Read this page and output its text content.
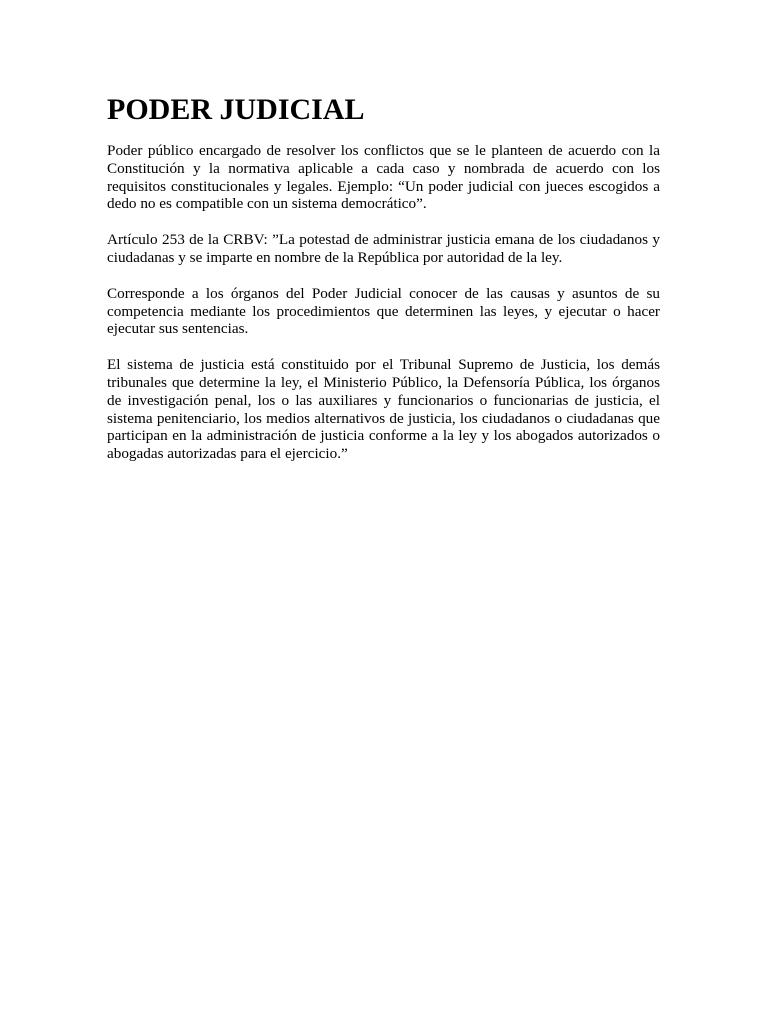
PODER JUDICIAL

Poder público encargado de resolver los conflictos que se le planteen de acuerdo con la Constitución y la normativa aplicable a cada caso y nombrada de acuerdo con los requisitos constitucionales y legales. Ejemplo: “Un poder judicial con jueces escogidos a dedo no es compatible con un sistema democrático”.

Artículo 253 de la CRBV: ”La potestad de administrar justicia emana de los ciudadanos y ciudadanas y se imparte en nombre de la República por autoridad de la ley.

Corresponde a los órganos del Poder Judicial conocer de las causas y asuntos de su competencia mediante los procedimientos que determinen las leyes, y ejecutar o hacer ejecutar sus sentencias.

El sistema de justicia está constituido por el Tribunal Supremo de Justicia, los demás tribunales que determine la ley, el Ministerio Público, la Defensoría Pública, los órganos de investigación penal, los o las auxiliares y funcionarios o funcionarias de justicia, el sistema penitenciario, los medios alternativos de justicia, los ciudadanos o ciudadanas que participan en la administración de justicia conforme a la ley y los abogados autorizados o abogadas autorizadas para el ejercicio.”
